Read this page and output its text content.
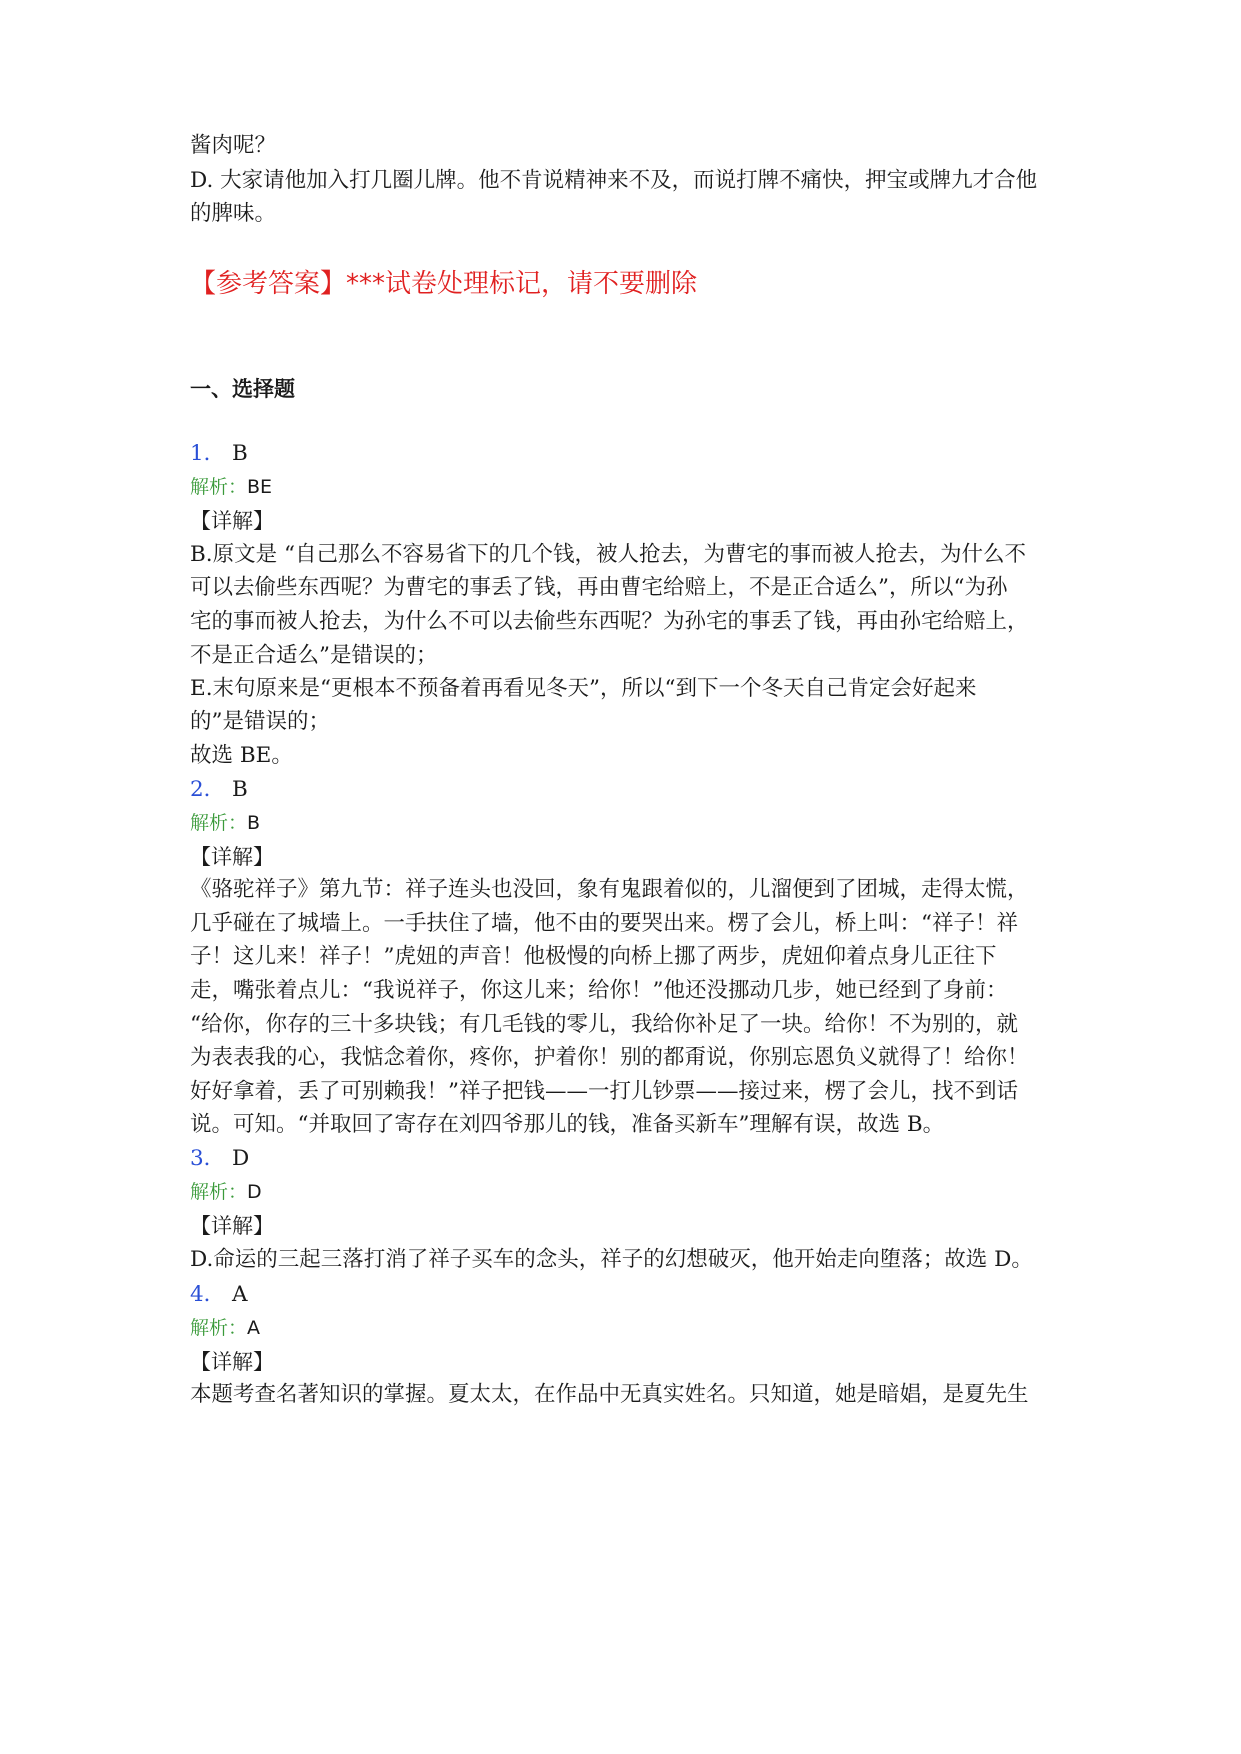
酱肉呢？
D. 大家请他加入打几圈儿牌。他不肯说精神来不及，而说打牌不痛快，押宝或牌九才合他
的脾味。
【参考答案】***试卷处理标记，请不要删除
一、选择题
1． B
解析：BE
【详解】
B.原文是 “自己那么不容易省下的几个钱，被人抢去，为曹宅的事而被人抢去，为什么不
可以去偷些东西呢？为曹宅的事丢了钱，再由曹宅给赔上，不是正合适么”，所以“为孙
宅的事而被人抢去，为什么不可以去偷些东西呢？为孙宅的事丢了钱，再由孙宅给赔上，
不是正合适么”是错误的；
E.末句原来是“更根本不预备着再看见冬天”，所以“到下一个冬天自己肯定会好起来
的”是错误的；
故选 BE。
2． B
解析：B
【详解】
《骆驼祥子》第九节：祥子连头也没回，象有鬼跟着似的，儿溜便到了团城，走得太慌，
几乎碰在了城墙上。一手扶住了墙，他不由的要哭出来。楞了会儿，桥上叫：“祥子！祥
子！这儿来！祥子！”虎妞的声音！他极慢的向桥上挪了两步，虎妞仰着点身儿正往下
走，嘴张着点儿：“我说祥子，你这儿来；给你！”他还没挪动几步，她已经到了身前：
“给你，你存的三十多块钱；有几毛钱的零儿，我给你补足了一块。给你！不为别的，就
为表表我的心，我惦念着你，疼你，护着你！别的都甭说，你别忘恩负义就得了！给你！
好好拿着，丢了可别赖我！”祥子把钱——一打儿钞票——接过来，楞了会儿，找不到话
说。可知。“并取回了寄存在刘四爷那儿的钱，准备买新车”理解有误，故选 B。
3． D
解析：D
【详解】
D.命运的三起三落打消了祥子买车的念头，祥子的幻想破灭，他开始走向堕落；故选 D。
4． A
解析：A
【详解】
本题考查名著知识的掌握。夏太太，在作品中无真实姓名。只知道，她是暗娼，是夏先生
